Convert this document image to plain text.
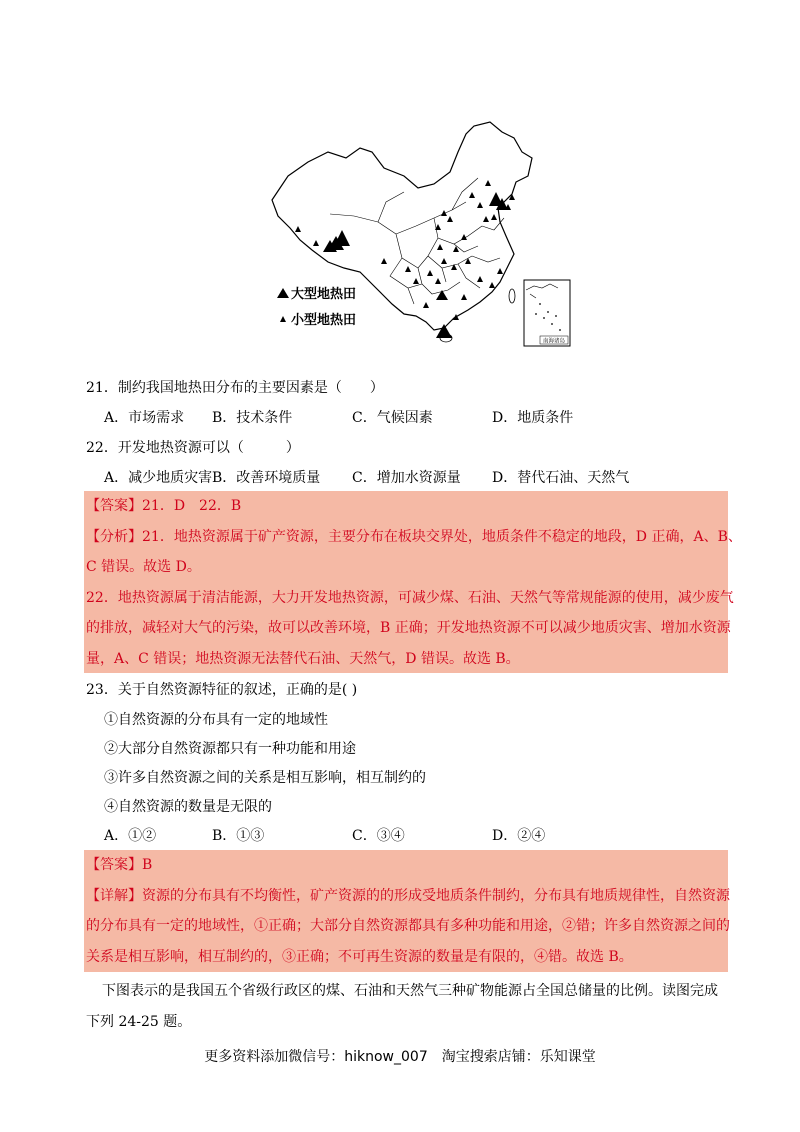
大型地热田
小型地热田
南海诸岛
21．制约我国地热田分布的主要因素是（　　）
A．市场需求 B．技术条件	C．气候因素	D．地质条件
22．开发地热资源可以（　　　）
A．减少地质灾害B．改善环境质量 C．增加水资源量 D．替代石油、天然气
【答案】21．D　22．B
【分析】21．地热资源属于矿产资源，主要分布在板块交界处，地质条件不稳定的地段，D 正确，A、B、
C 错误。故选 D。
22．地热资源属于清洁能源，大力开发地热资源，可减少煤、石油、天然气等常规能源的使用，减少废气
的排放，减轻对大气的污染，故可以改善环境，B 正确；开发地热资源不可以减少地质灾害、增加水资源
量，A、C 错误；地热资源无法替代石油、天然气，D 错误。故选 B。
23．关于自然资源特征的叙述，正确的是( )
①自然资源的分布具有一定的地域性
②大部分自然资源都只有一种功能和用途
③许多自然资源之间的关系是相互影响，相互制约的
④自然资源的数量是无限的
A．①②	B．①③	C．③④	D．②④
【答案】B
【详解】资源的分布具有不均衡性，矿产资源的的形成受地质条件制约，分布具有地质规律性，自然资源
的分布具有一定的地域性，①正确；大部分自然资源都具有多种功能和用途，②错；许多自然资源之间的
关系是相互影响，相互制约的，③正确；不可再生资源的数量是有限的，④错。故选 B。
下图表示的是我国五个省级行政区的煤、石油和天然气三种矿物能源占全国总储量的比例。读图完成
下列 24-25 题。
更多资料添加微信号：hiknow_007　淘宝搜索店铺：乐知课堂
